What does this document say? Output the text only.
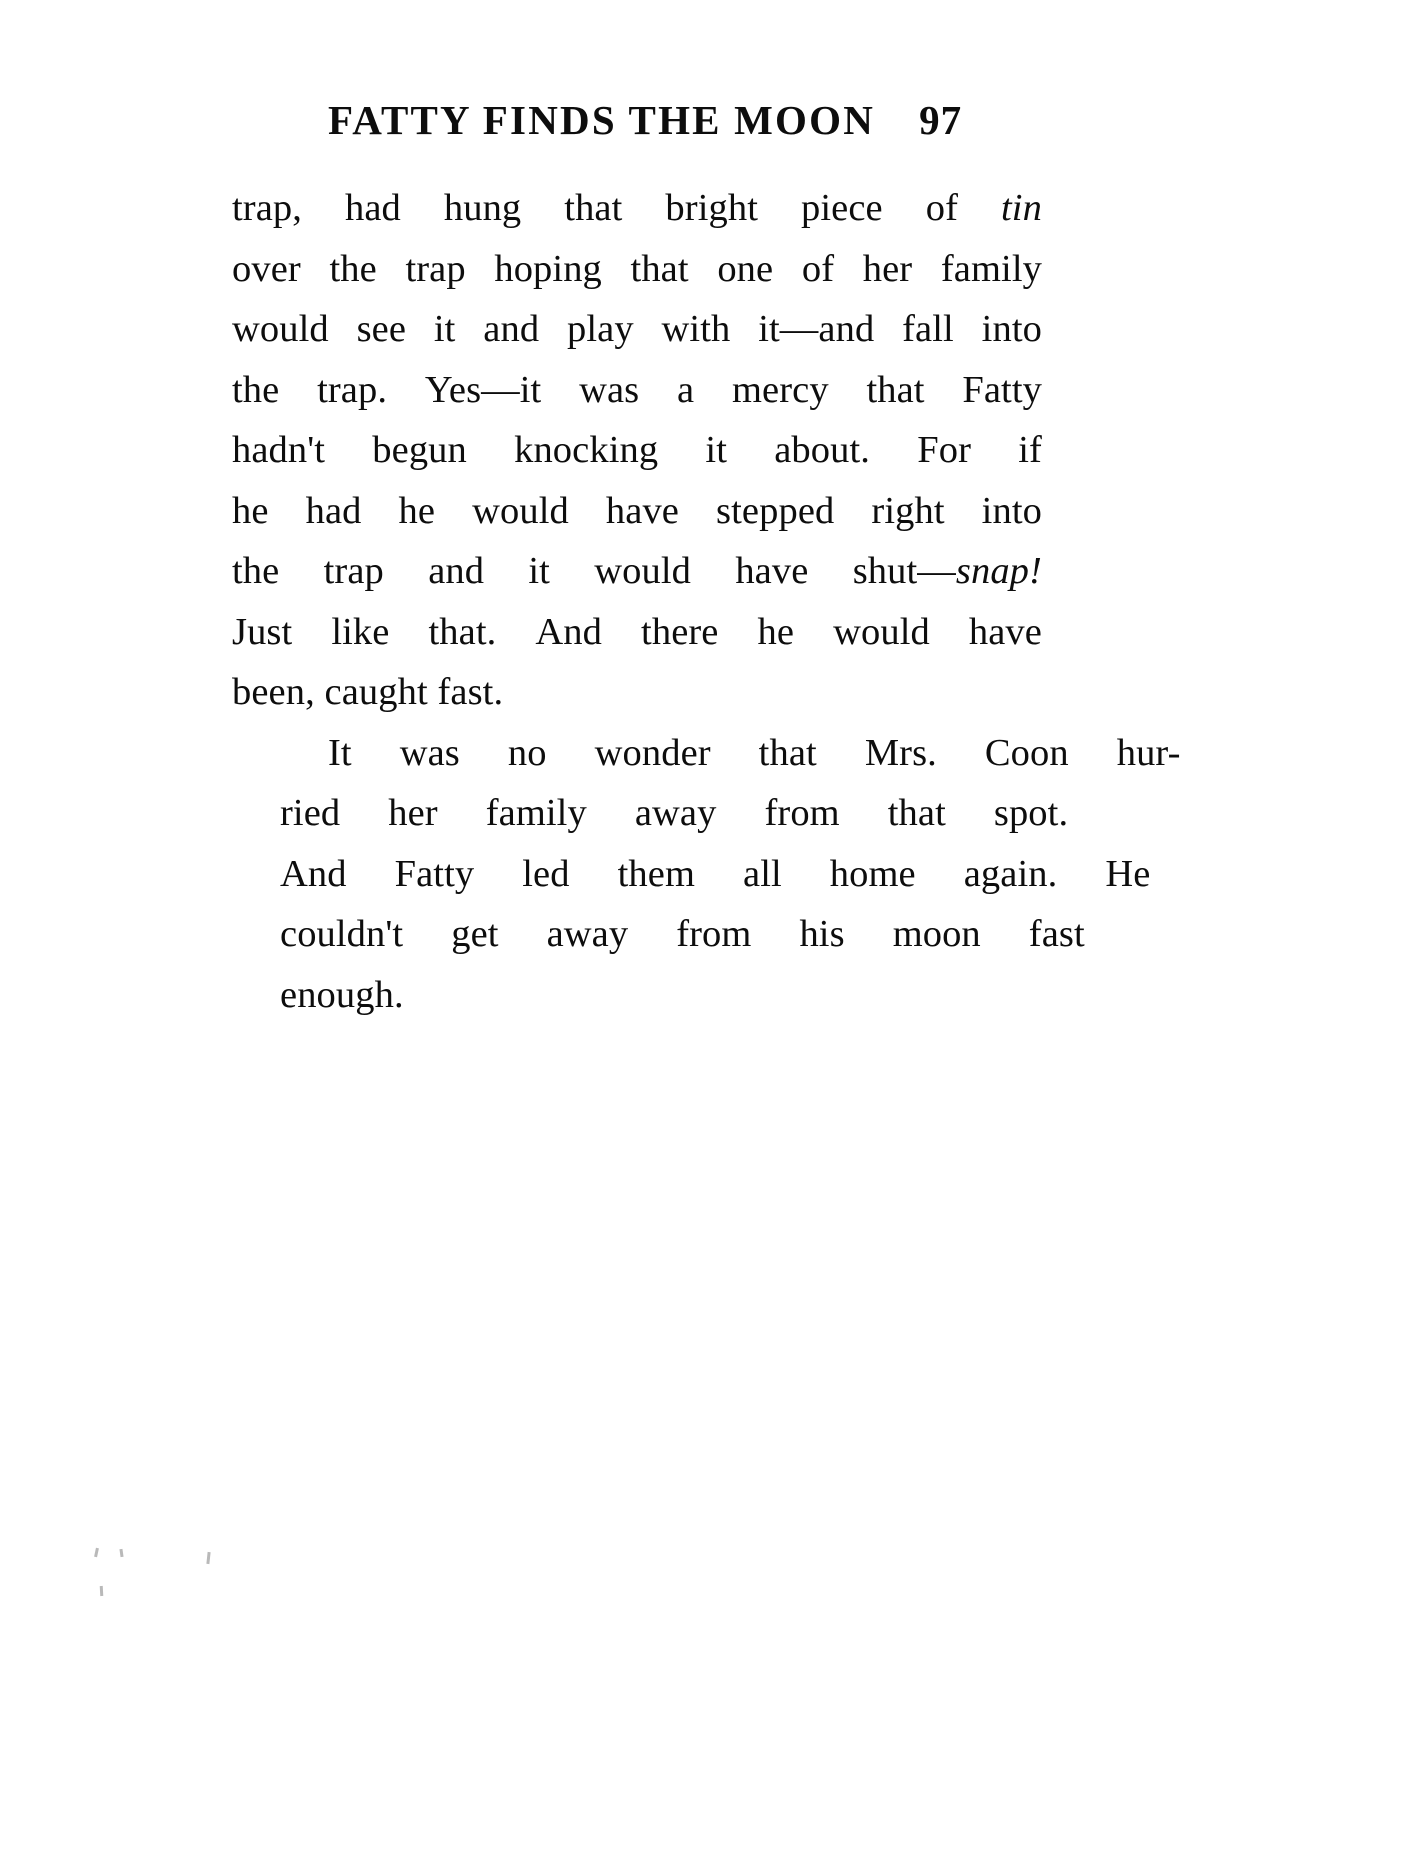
FATTY FINDS THE MOON 97

trap, had hung that bright piece of tin
over the trap hoping that one of her family
would see it and play with it—and fall into
the trap. Yes—it was a mercy that Fatty
hadn't begun knocking it about. For if
he had he would have stepped right into
the trap and it would have shut—snap!
Just like that. And there he would have
been, caught fast.

It	was	no	wonder	that	Mrs.	Coon	hur-
ried	her	family	away	from	that	spot.
And	Fatty	led	them	all	home	again.	He
couldn't	get	away	from	his	moon	fast
enough.
